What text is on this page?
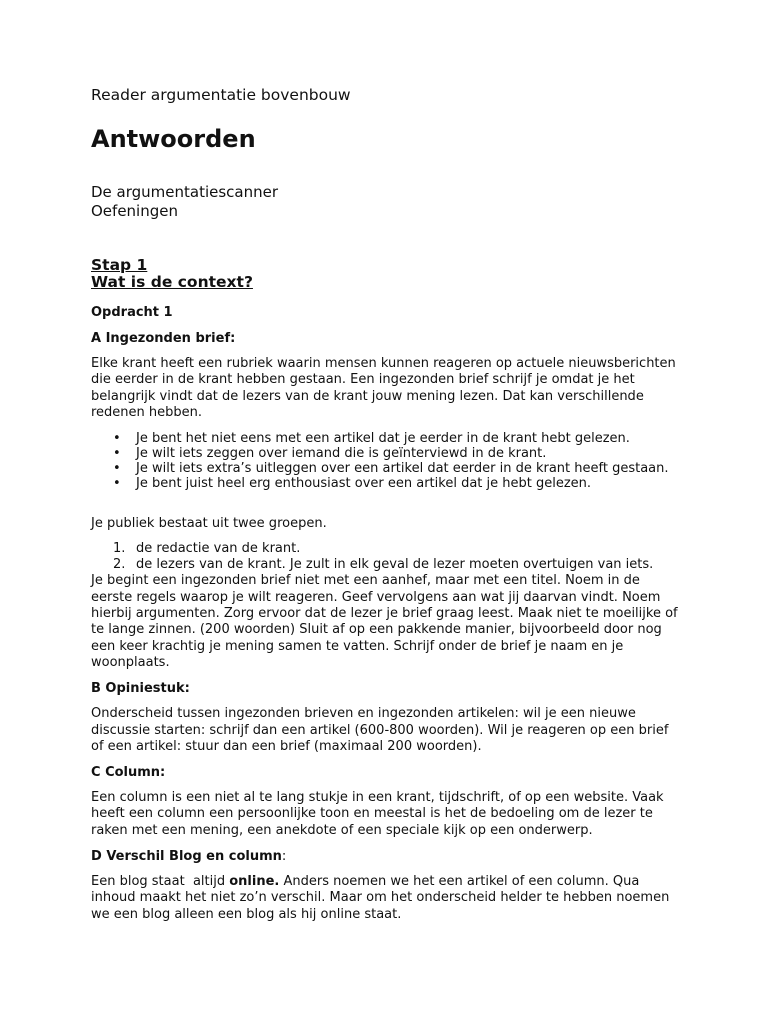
Reader argumentatie bovenbouw

Antwoorden

De argumentatiescanner

Oefeningen

Stap 1

Wat is de context?

Opdracht 1

A Ingezonden brief:

Elke krant heeft een rubriek waarin mensen kunnen reageren op actuele nieuwsberichten die eerder in de krant hebben gestaan. Een ingezonden brief schrijf je omdat je het belangrijk vindt dat de lezers van de krant jouw mening lezen. Dat kan verschillende redenen hebben.

• Je bent het niet eens met een artikel dat je eerder in de krant hebt gelezen.
• Je wilt iets zeggen over iemand die is geïnterviewd in de krant.
• Je wilt iets extra’s uitleggen over een artikel dat eerder in de krant heeft gestaan.
• Je bent juist heel erg enthousiast over een artikel dat je hebt gelezen.

Je publiek bestaat uit twee groepen.

1. de redactie van de krant.
2. de lezers van de krant. Je zult in elk geval de lezer moeten overtuigen van iets.

Je begint een ingezonden brief niet met een aanhef, maar met een titel. Noem in de eerste regels waarop je wilt reageren. Geef vervolgens aan wat jij daarvan vindt. Noem hierbij argumenten. Zorg ervoor dat de lezer je brief graag leest. Maak niet te moeilijke of te lange zinnen. (200 woorden) Sluit af op een pakkende manier, bijvoorbeeld door nog een keer krachtig je mening samen te vatten. Schrijf onder de brief je naam en je woonplaats.

B Opiniestuk:

Onderscheid tussen ingezonden brieven en ingezonden artikelen: wil je een nieuwe discussie starten: schrijf dan een artikel (600-800 woorden). Wil je reageren op een brief of een artikel: stuur dan een brief (maximaal 200 woorden).

C Column:

Een column is een niet al te lang stukje in een krant, tijdschrift, of op een website. Vaak heeft een column een persoonlijke toon en meestal is het de bedoeling om de lezer te raken met een mening, een anekdote of een speciale kijk op een onderwerp.

D Verschil Blog en column:

Een blog staat  altijd online. Anders noemen we het een artikel of een column. Qua inhoud maakt het niet zo’n verschil. Maar om het onderscheid helder te hebben noemen we een blog alleen een blog als hij online staat.
